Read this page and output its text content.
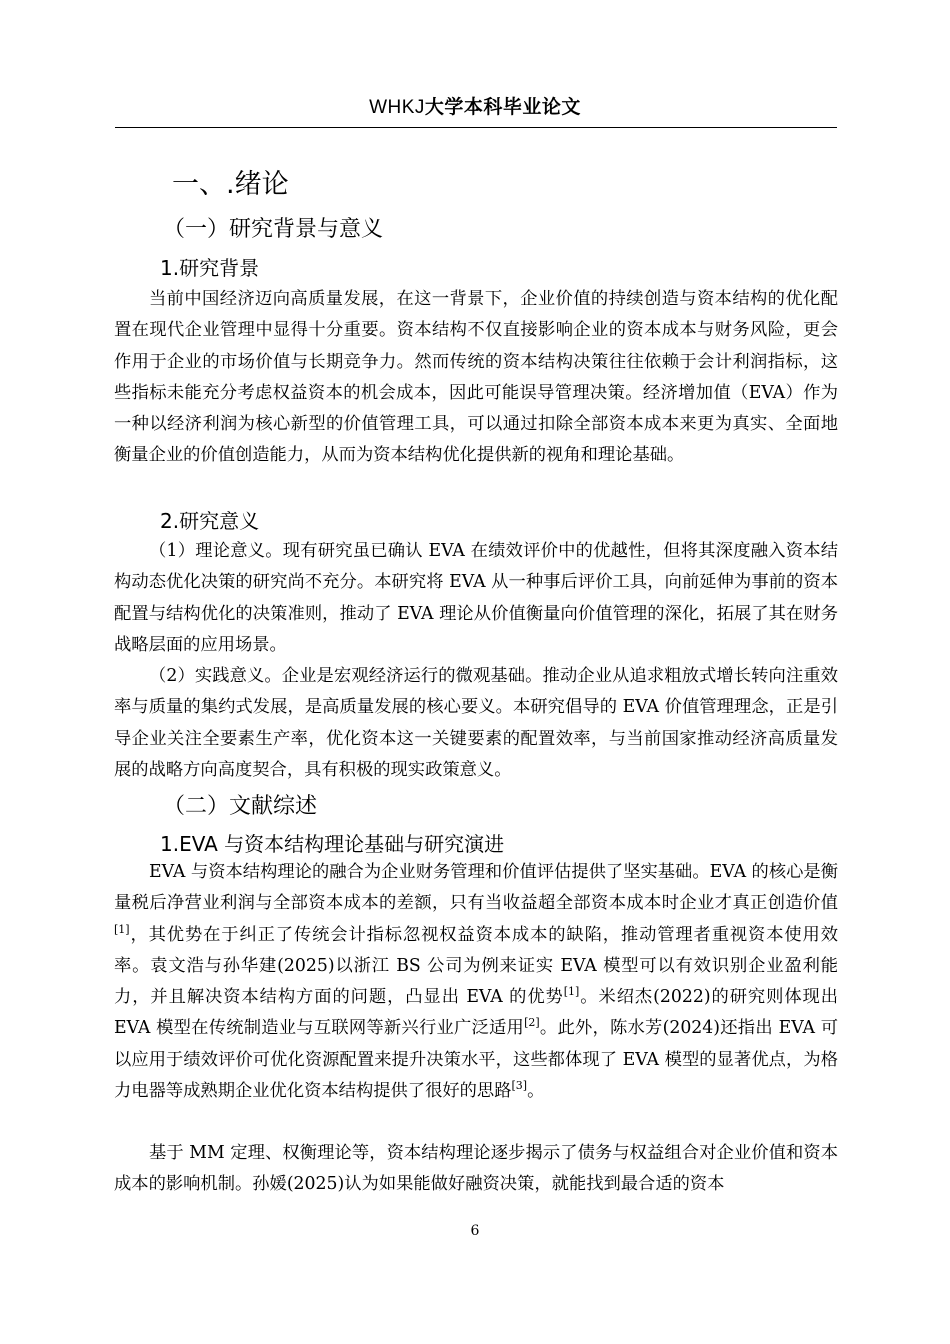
WHKJ大学本科毕业论文
一、.绪论
（一）研究背景与意义
1.研究背景

当前中国经济迈向高质量发展，在这一背景下，企业价值的持续创造与资本结构的优化配置在现代企业管理中显得十分重要。资本结构不仅直接影响企业的资本成本与财务风险，更会作用于企业的市场价值与长期竞争力。然而传统的资本结构决策往往依赖于会计利润指标，这些指标未能充分考虑权益资本的机会成本，因此可能误导管理决策。经济增加值（EVA）作为一种以经济利润为核心新型的价值管理工具，可以通过扣除全部资本成本来更为真实、全面地衡量企业的价值创造能力，从而为资本结构优化提供新的视角和理论基础。

2.研究意义

（1）理论意义。现有研究虽已确认 EVA 在绩效评价中的优越性，但将其深度融入资本结构动态优化决策的研究尚不充分。本研究将 EVA 从一种事后评价工具，向前延伸为事前的资本配置与结构优化的决策准则，推动了 EVA 理论从价值衡量向价值管理的深化，拓展了其在财务战略层面的应用场景。

（2）实践意义。企业是宏观经济运行的微观基础。推动企业从追求粗放式增长转向注重效率与质量的集约式发展，是高质量发展的核心要义。本研究倡导的 EVA 价值管理理念，正是引导企业关注全要素生产率，优化资本这一关键要素的配置效率，与当前国家推动经济高质量发展的战略方向高度契合，具有积极的现实政策意义。

（二）文献综述
1.EVA 与资本结构理论基础与研究演进

EVA 与资本结构理论的融合为企业财务管理和价值评估提供了坚实基础。EVA 的核心是衡量税后净营业利润与全部资本成本的差额，只有当收益超全部资本成本时企业才真正创造价值[1]，其优势在于纠正了传统会计指标忽视权益资本成本的缺陷，推动管理者重视资本使用效率。袁文浩与孙华建(2025)以浙江 BS 公司为例来证实 EVA 模型可以有效识别企业盈利能力，并且解决资本结构方面的问题，凸显出 EVA 的优势[1]。米绍杰(2022)的研究则体现出 EVA 模型在传统制造业与互联网等新兴行业广泛适用[2]。此外，陈水芳(2024)还指出 EVA 可以应用于绩效评价可优化资源配置来提升决策水平，这些都体现了 EVA 模型的显著优点，为格力电器等成熟期企业优化资本结构提供了很好的思路[3]。

基于 MM 定理、权衡理论等，资本结构理论逐步揭示了债务与权益组合对企业价值和资本成本的影响机制。孙媛(2025)认为如果能做好融资决策，就能找到最合适的资本

6
